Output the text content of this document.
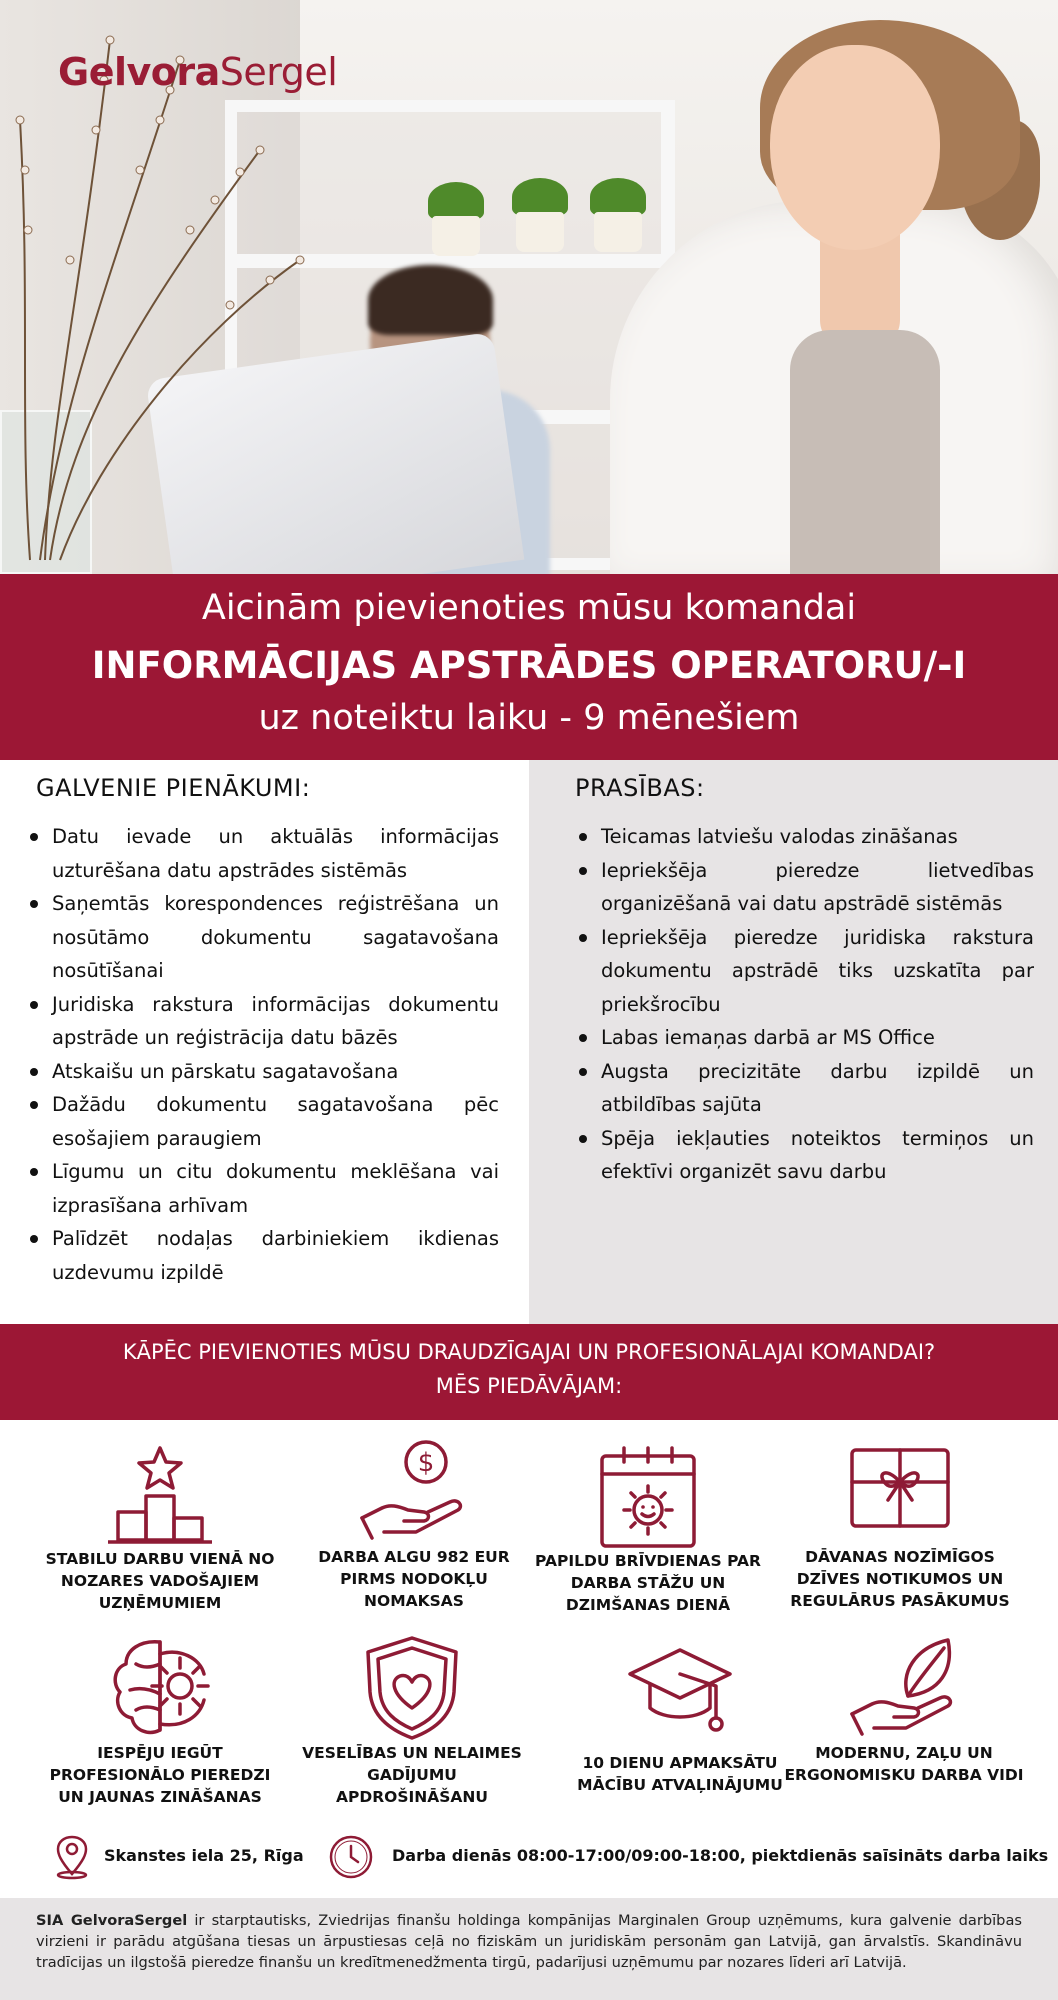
GelvoraSergel
Aicinām pievienoties mūsu komandai
INFORMĀCIJAS APSTRĀDES OPERATORU/-I
uz noteiktu laiku - 9 mēnešiem
GALVENIE PIENĀKUMI:
Datu ievade un aktuālās informācijas uzturēšana datu apstrādes sistēmās
Saņemtās korespondences reģistrēšana un nosūtāmo dokumentu sagatavošana nosūtīšanai
Juridiska rakstura informācijas dokumentu apstrāde un reģistrācija datu bāzēs
Atskaišu un pārskatu sagatavošana
Dažādu dokumentu sagatavošana pēc esošajiem paraugiem
Līgumu un citu dokumentu meklēšana vai izprasīšana arhīvam
Palīdzēt nodaļas darbiniekiem ikdienas uzdevumu izpildē
PRASĪBAS:
Teicamas latviešu valodas zināšanas
Iepriekšēja pieredze lietvedības organizēšanā vai datu apstrādē sistēmās
Iepriekšēja pieredze juridiska rakstura dokumentu apstrādē tiks uzskatīta par priekšrocību
Labas iemaņas darbā ar MS Office
Augsta precizitāte darbu izpildē un atbildības sajūta
Spēja iekļauties noteiktos termiņos un efektīvi organizēt savu darbu
KĀPĒC PIEVIENOTIES MŪSU DRAUDZĪGAJAI UN PROFESIONĀLAJAI KOMANDAI?
MĒS PIEDĀVĀJAM:
STABILU DARBU VIENĀ NO NOZARES VADOŠAJIEM UZŅĒMUMIEM
$
DARBA ALGU 982 EUR PIRMS NODOKĻU NOMAKSAS
PAPILDU BRĪVDIENAS PAR DARBA STĀŽU UN DZIMŠANAS DIENĀ
DĀVANAS NOZĪMĪGOS DZĪVES NOTIKUMOS UN REGULĀRUS PASĀKUMUS
IESPĒJU IEGŪT PROFESIONĀLO PIEREDZI UN JAUNAS ZINĀŠANAS
VESELĪBAS UN NELAIMES GADĪJUMU APDROŠINĀŠANU
10 DIENU APMAKSĀTU MĀCĪBU ATVAĻINĀJUMU
MODERNU, ZAĻU UN ERGONOMISKU DARBA VIDI
Skanstes iela 25, Rīga	Darba dienās 08:00-17:00/09:00-18:00, piektdienās saīsināts darba laiks

SIA GelvoraSergel ir starptautisks, Zviedrijas finanšu holdinga kompānijas Marginalen Group uzņēmums, kura galvenie darbības virzieni ir parādu atgūšana tiesas un ārpustiesas ceļā no fiziskām un juridiskām personām gan Latvijā, gan ārvalstīs. Skandināvu tradīcijas un ilgstošā pieredze finanšu un kredītmenedžmenta tirgū, padarījusi uzņēmumu par nozares līderi arī Latvijā.
